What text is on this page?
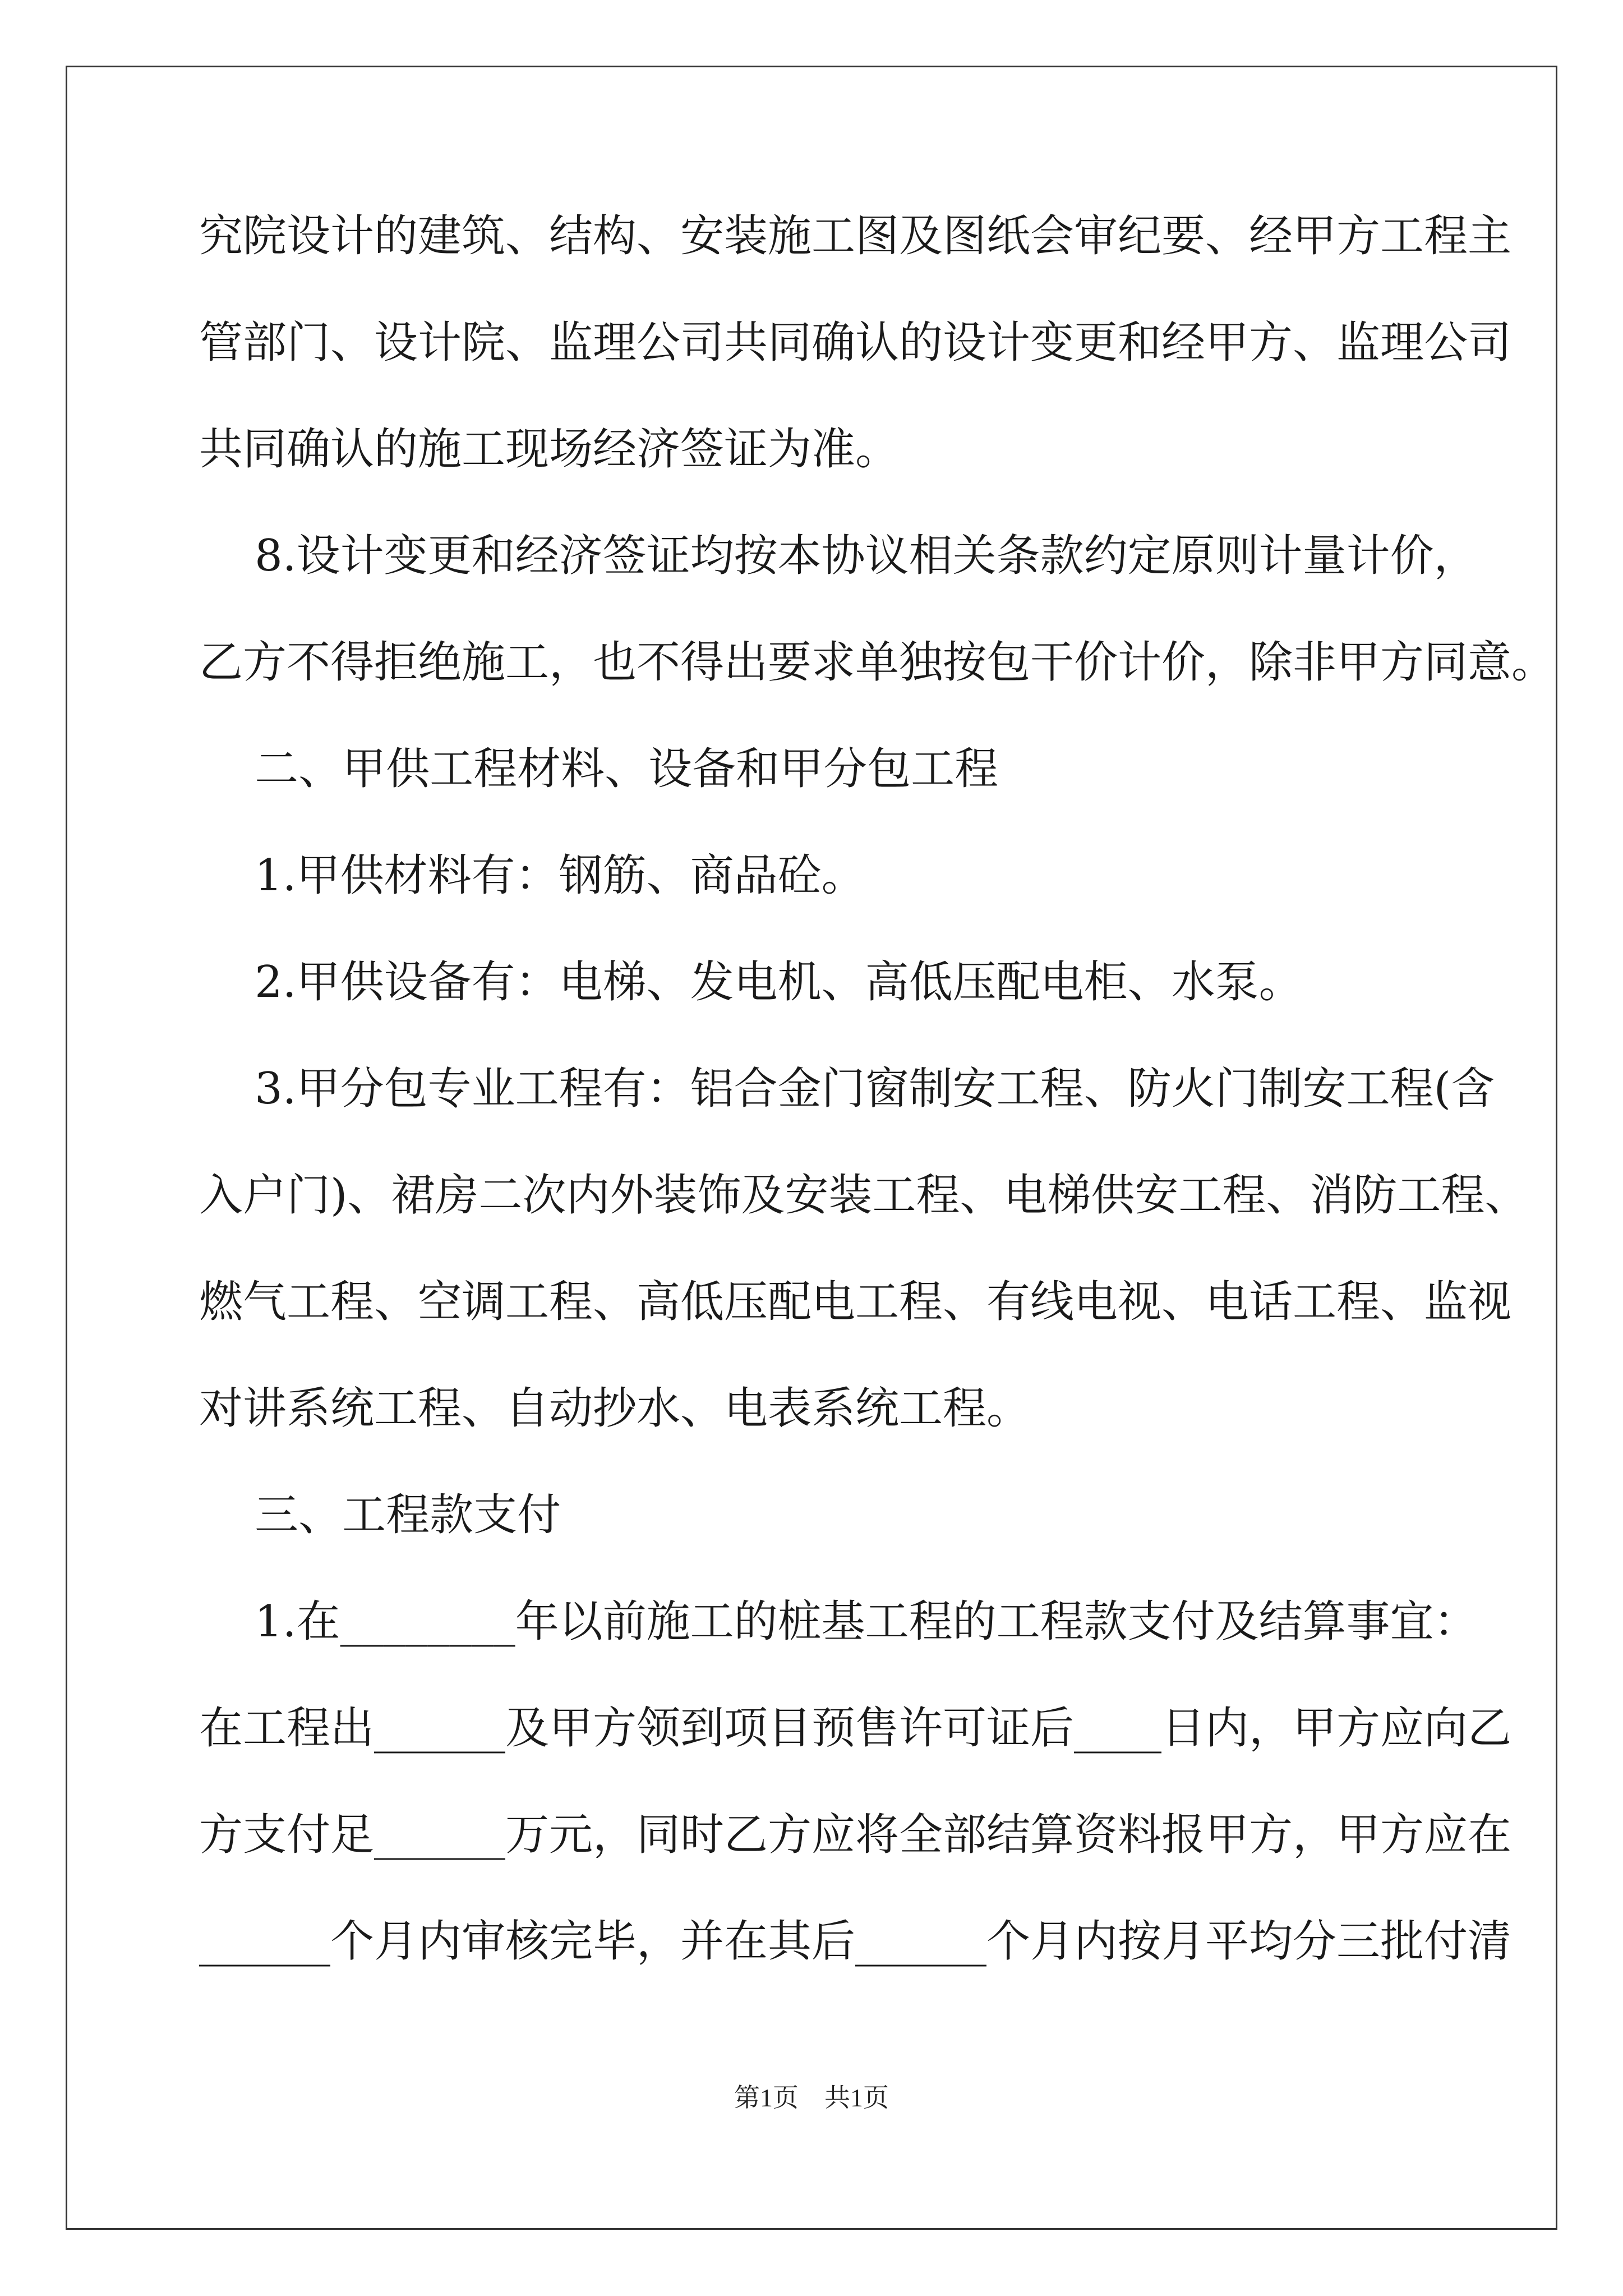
究院设计的建筑、结构、安装施工图及图纸会审纪要、经甲方工程主
管部门、设计院、监理公司共同确认的设计变更和经甲方、监理公司
共同确认的施工现场经济签证为准。
8.设计变更和经济签证均按本协议相关条款约定原则计量计价，
乙方不得拒绝施工，也不得出要求单独按包干价计价，除非甲方同意。
二、甲供工程材料、设备和甲分包工程
1.甲供材料有：钢筋、商品砼。
2.甲供设备有：电梯、发电机、高低压配电柜、水泵。
3.甲分包专业工程有：铝合金门窗制安工程、防火门制安工程(含
入户门)、裙房二次内外装饰及安装工程、电梯供安工程、消防工程、
燃气工程、空调工程、高低压配电工程、有线电视、电话工程、监视
对讲系统工程、自动抄水、电表系统工程。
三、工程款支付
1.在________年以前施工的桩基工程的工程款支付及结算事宜：
在工程出______及甲方领到项目预售许可证后____日内，甲方应向乙
方支付足______万元，同时乙方应将全部结算资料报甲方，甲方应在
______个月内审核完毕，并在其后______个月内按月平均分三批付清
第1页　共1页
